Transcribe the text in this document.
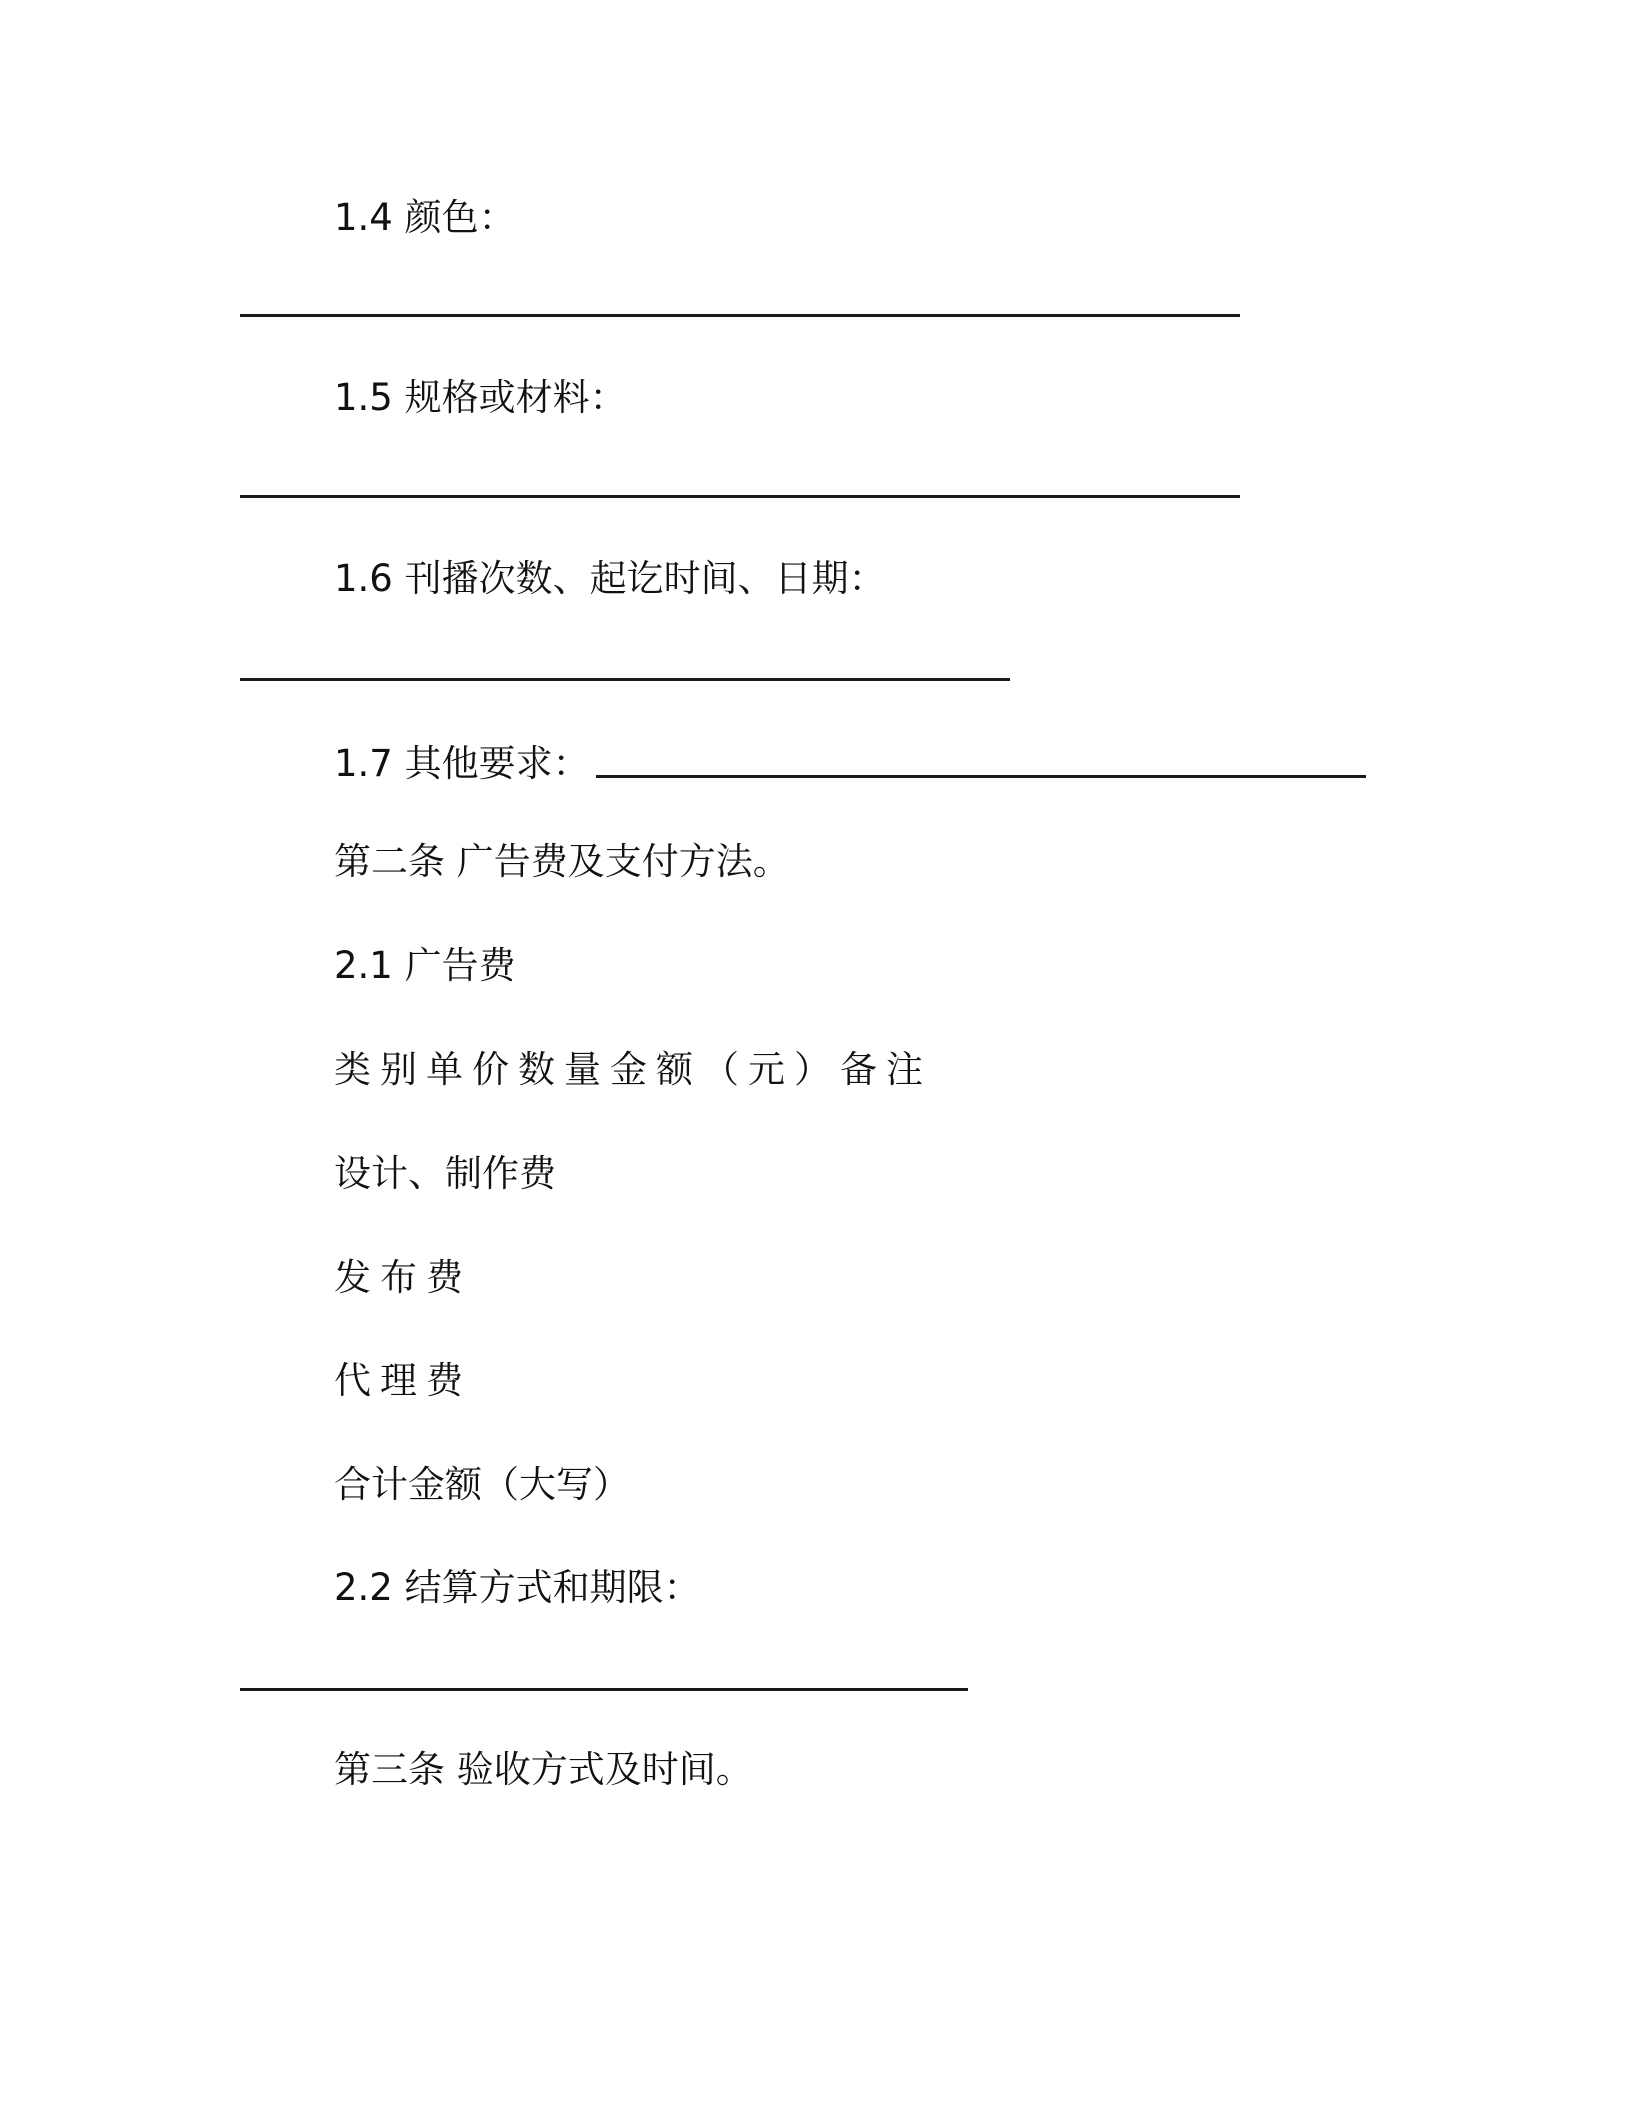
1.4 颜色：
1.5 规格或材料：
1.6 刊播次数、起讫时间、日期：
1.7 其他要求：
第二条 广告费及支付方法。
2.1 广告费
类别单价数量金额（元）备注
设计、制作费
发布费
代理费
合计金额（大写）
2.2 结算方式和期限：
第三条 验收方式及时间。
